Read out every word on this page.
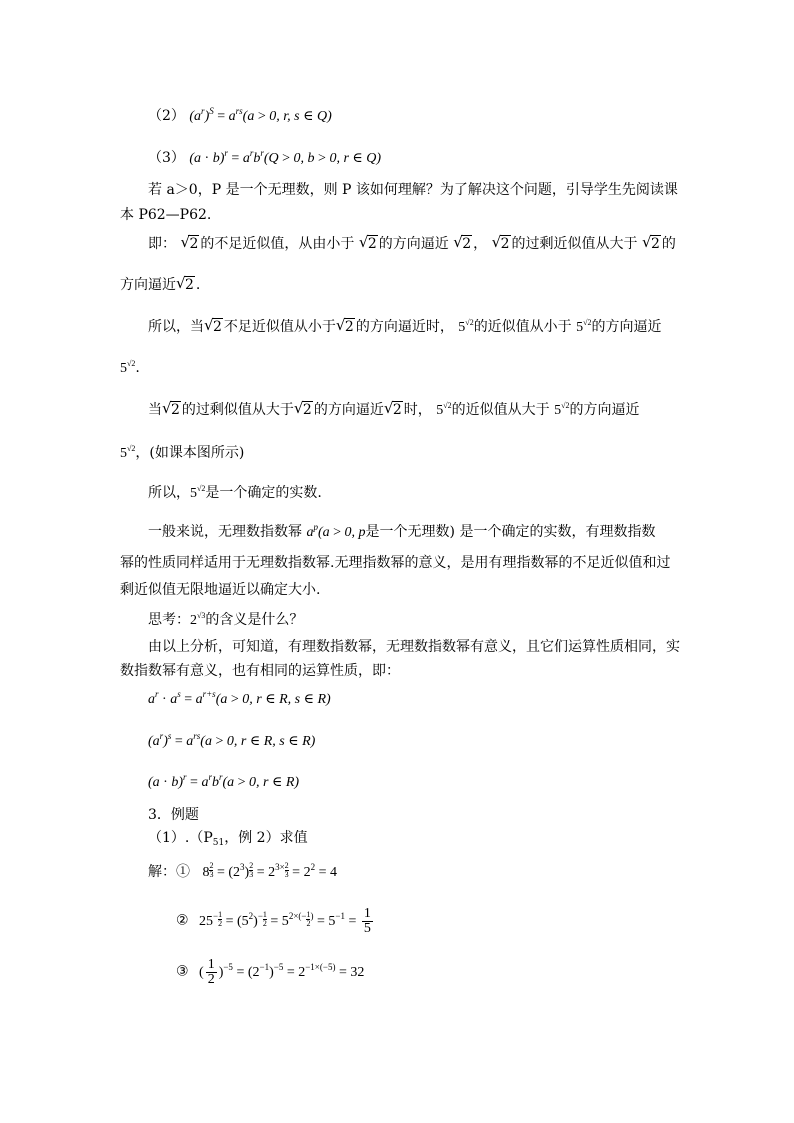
（2） $(a^r)^S = a^{rs}(a > 0$, r, s ∈ Q)
（3） $(a \cdot b)^r = a^rb^r(Q > 0$, b > 0, r ∈ Q)
若 a＞0，P 是一个无理数，则 P 该如何理解？为了解决这个问题，引导学生先阅读课
本 P62—P62.
即： √ 2 的不足近似值，从由小于 √ 2 的方向逼近 √ 2 ， √ 2 的过剩近似值从大于 √ 2 的
方向逼近 √ 2 .
所以，当 √ 2 不足近似值从小于 √ 2 的方向逼近时， $5^{√2}$的近似值从小于 $5^{√2}$的方向逼近
$5^{√2}$.
当 √ 2 的过剩似值从大于 √ 2 的方向逼近 √ 2 时， $5^{√2}$的近似值从大于 $5^{√2}$的方向逼近
$5^{√2}$，(如课本图所示)
所以，$5^{√2}$是一个确定的实数.
一般来说，无理数指数幂 $a^p(a > 0$, p是一个无理数) 是一个确定的实数，有理数指数
幂的性质同样适用于无理数指数幂.无理指数幂的意义，是用有理指数幂的不足近似值和过
剩近似值无限地逼近以确定大小.
思考：$2^{√3}$的含义是什么？
由以上分析，可知道，有理数指数幂，无理数指数幂有意义，且它们运算性质相同，实
数指数幂有意义，也有相同的运算性质，即：
$a^r \cdot a^s = a^{r+s}(a > 0$, r ∈ R, s ∈ R)
$(a^r)^s = a^{rs}(a > 0$, r ∈ R, s ∈ R)
$(a \cdot b)^r = a^rb^r(a > 0$, r ∈ R)
3．例题
$(1).(P_{51}$，例 2）求值
解：① $8 \frac{2}{3} = (2^3) \frac{2}{3} = 2^{3\times \frac{2}{3}} = 2^2 = 4$
② $25^{- \frac{1}{2}} = (5^2)^{- \frac{1}{2}} = 5^{2\times(- \frac{1}{2} )} = 5^{-1} = \frac{1}{5}$
③ ( $\frac{1}{2} )^{-5} = (2^{-1})^{-5} = 2^{-1\times(-5)} = 32$
